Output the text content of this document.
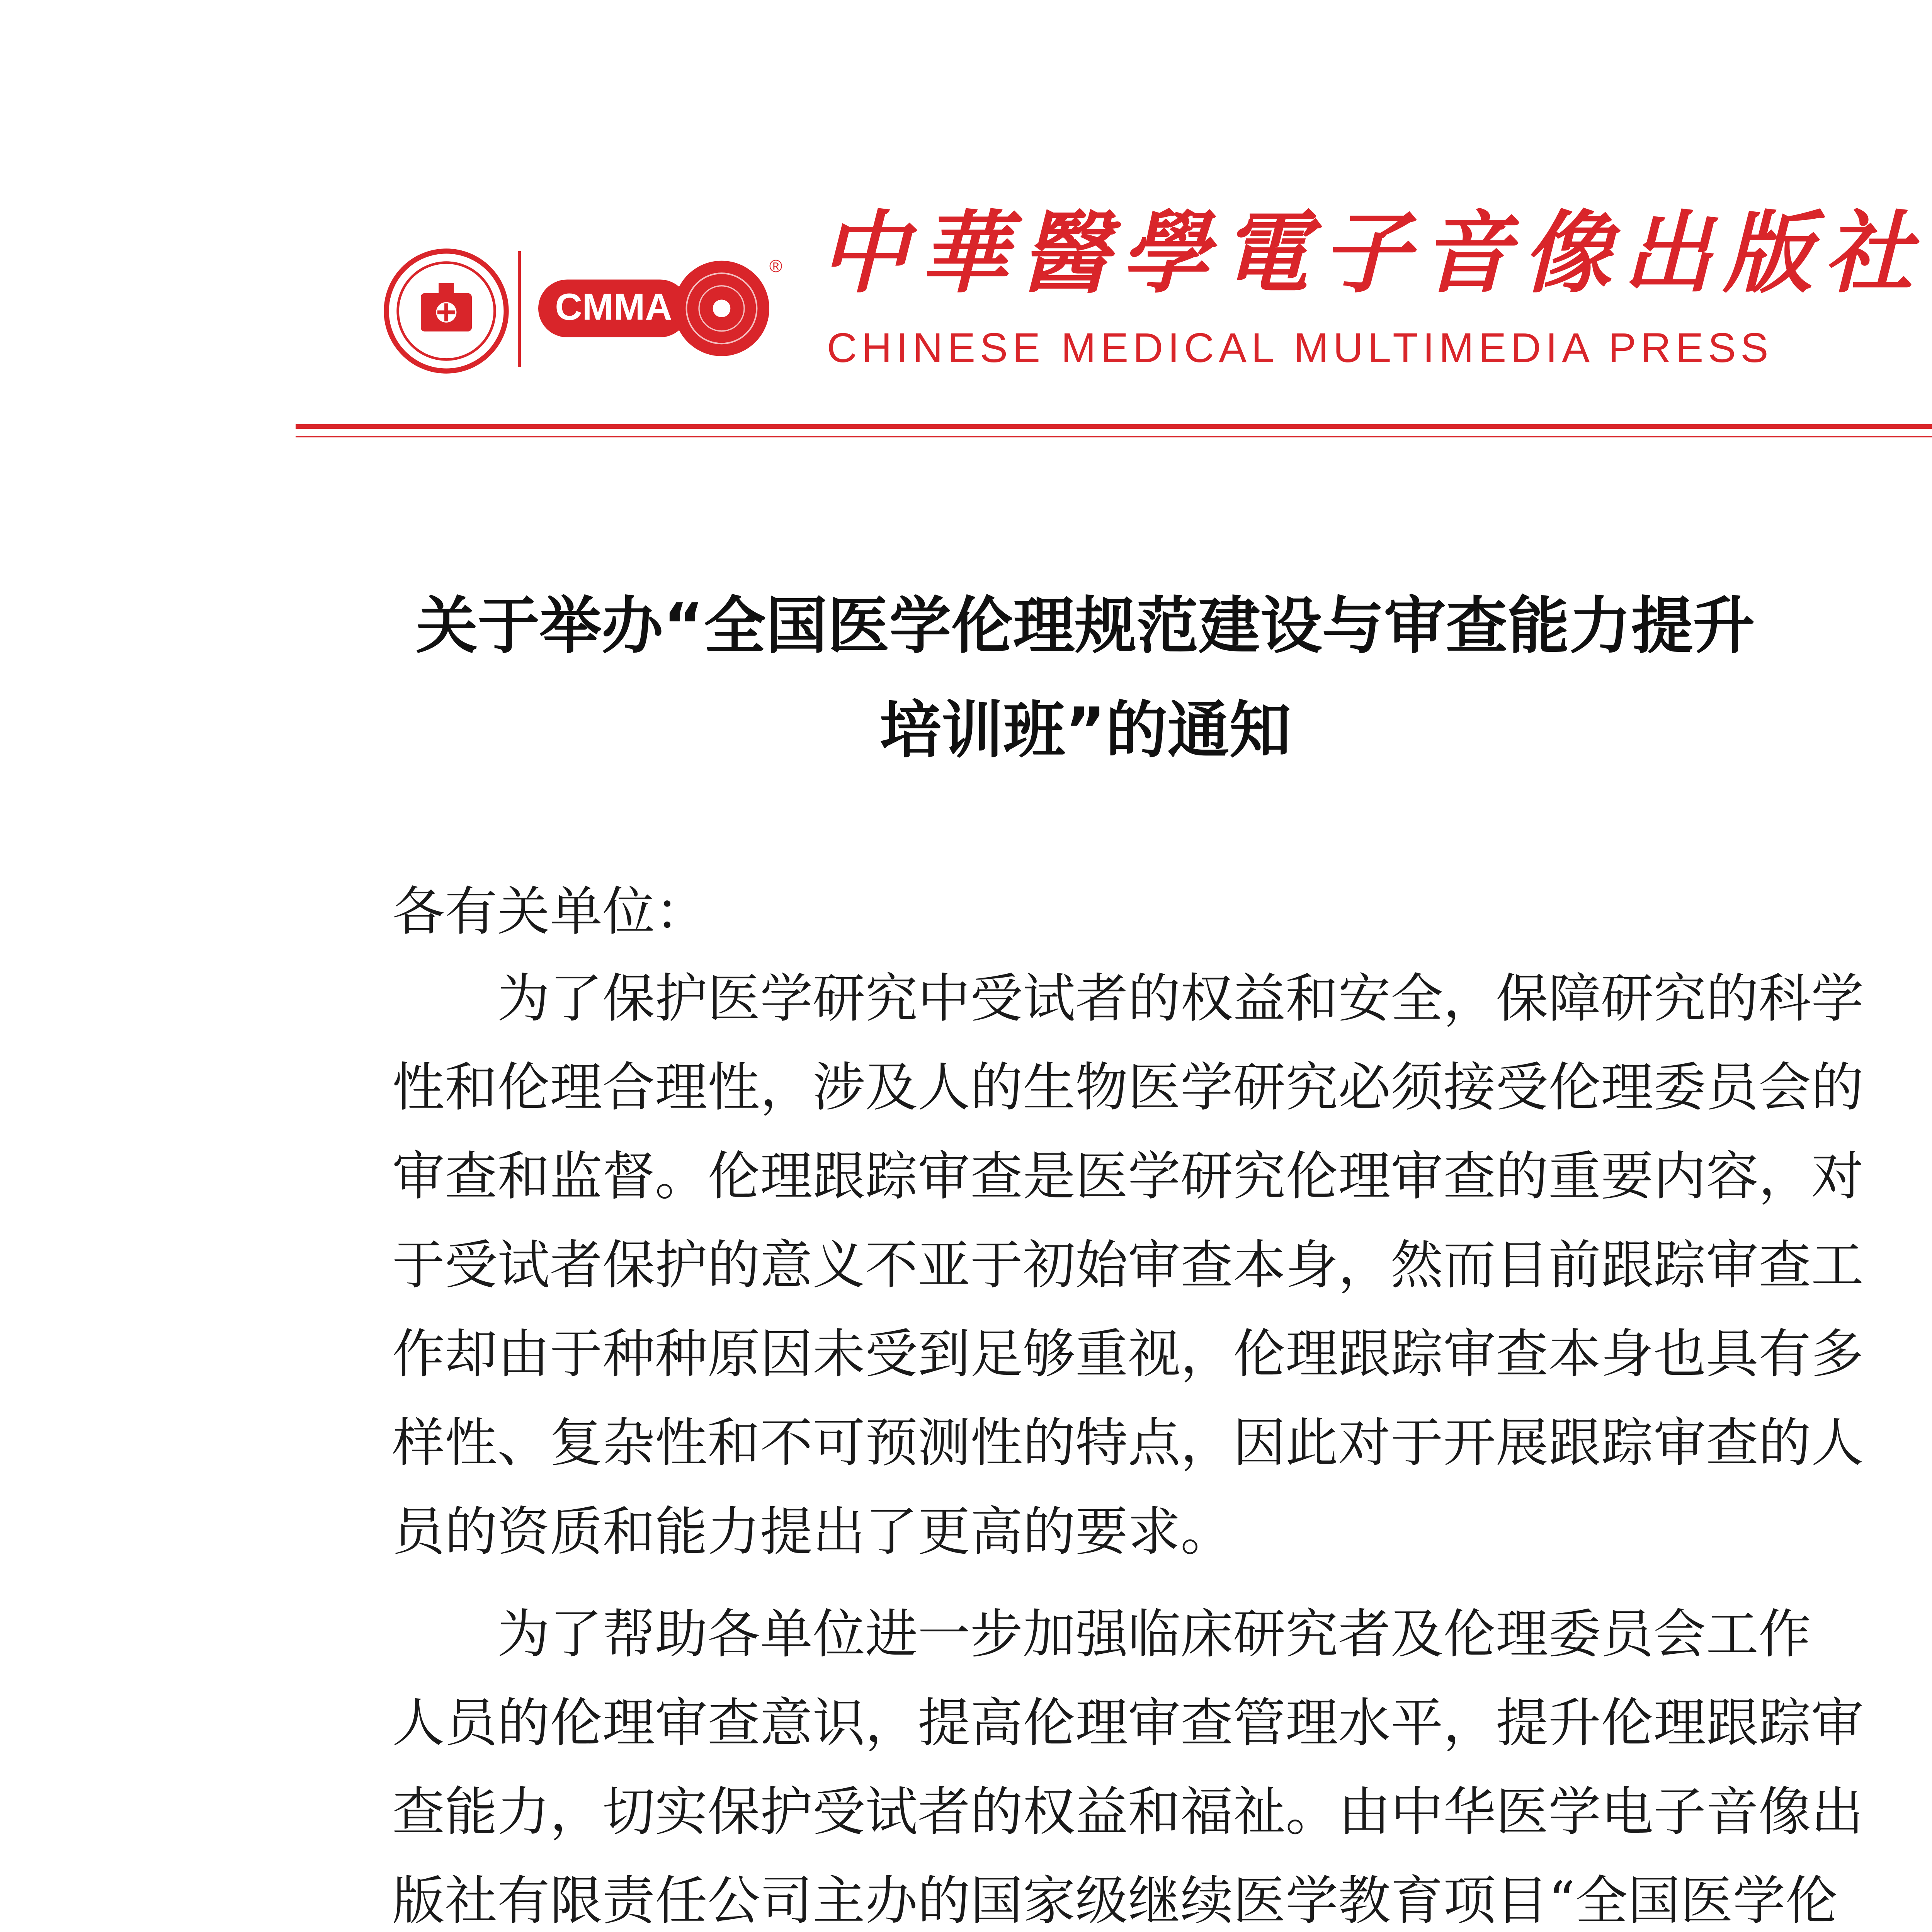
CMMA
® 中華醫學電子音像出版社
CHINESE MEDICAL MULTIMEDIA PRESS
关于举办“全国医学伦理规范建设与审查能力提升
培训班”的通知
各有关单位：
　　为了保护医学研究中受试者的权益和安全，保障研究的科学
性和伦理合理性，涉及人的生物医学研究必须接受伦理委员会的
审查和监督。伦理跟踪审查是医学研究伦理审查的重要内容，对
于受试者保护的意义不亚于初始审查本身，然而目前跟踪审查工
作却由于种种原因未受到足够重视，伦理跟踪审查本身也具有多
样性、复杂性和不可预测性的特点，因此对于开展跟踪审查的人
员的资质和能力提出了更高的要求。
　　为了帮助各单位进一步加强临床研究者及伦理委员会工作
人员的伦理审查意识，提高伦理审查管理水平，提升伦理跟踪审
查能力，切实保护受试者的权益和福祉。由中华医学电子音像出
版社有限责任公司主办的国家级继续医学教育项目“全国医学伦
